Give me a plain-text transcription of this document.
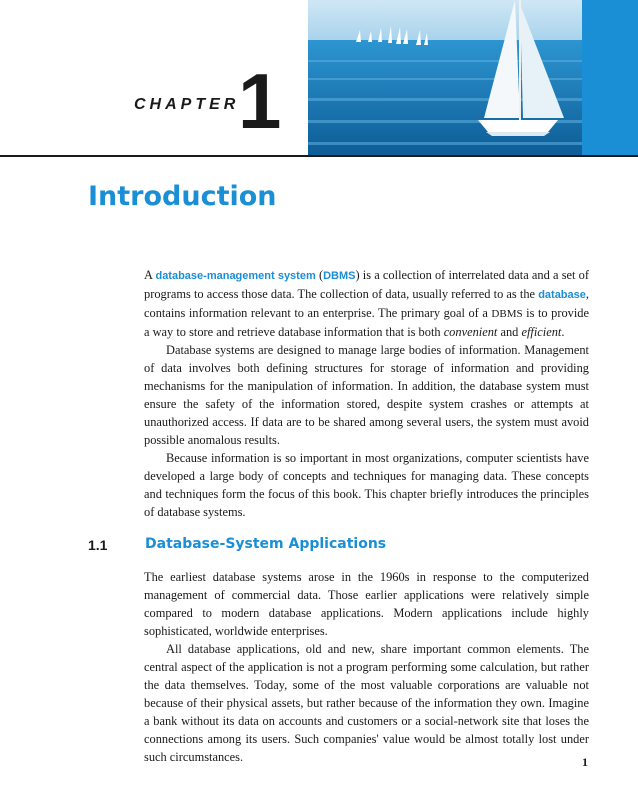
CHAPTER
1
Introduction

A database-management system (DBMS) is a collection of interrelated data and a set of programs to access those data. The collection of data, usually referred to as the database, contains information relevant to an enterprise. The primary goal of a DBMS is to provide a way to store and retrieve database information that is both convenient and efficient.

Database systems are designed to manage large bodies of information. Management of data involves both defining structures for storage of information and providing mechanisms for the manipulation of information. In addition, the database system must ensure the safety of the information stored, despite system crashes or attempts at unauthorized access. If data are to be shared among several users, the system must avoid possible anomalous results.

Because information is so important in most organizations, computer scientists have developed a large body of concepts and techniques for managing data. These concepts and techniques form the focus of this book. This chapter briefly introduces the principles of database systems.

1.1	Database-System Applications

The earliest database systems arose in the 1960s in response to the computerized management of commercial data. Those earlier applications were relatively simple compared to modern database applications. Modern applications include highly sophisticated, worldwide enterprises.

All database applications, old and new, share important common elements. The central aspect of the application is not a program performing some calculation, but rather the data themselves. Today, some of the most valuable corporations are valuable not because of their physical assets, but rather because of the information they own. Imagine a bank without its data on accounts and customers or a social-network site that loses the connections among its users. Such companies' value would be almost totally lost under such circumstances.	1
